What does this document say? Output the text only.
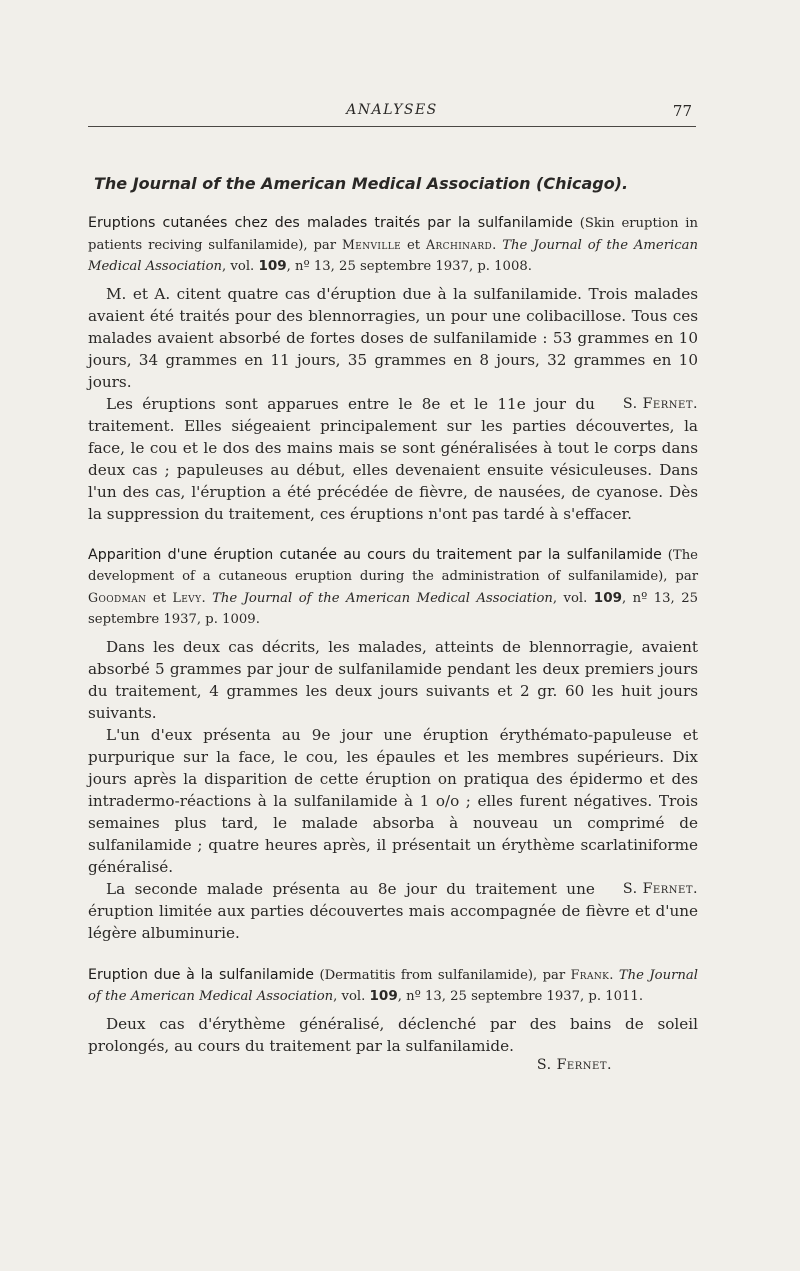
ANALYSES	77
The Journal of the American Medical Association (Chicago).

Eruptions cutanées chez des malades traités par la sulfanilamide (Skin eruption in patients reciving sulfanilamide), par Menville et Archinard. The Journal of the American Medical Association, vol. 109, nº 13, 25 septembre 1937, p. 1008.

M. et A. citent quatre cas d'éruption due à la sulfanilamide. Trois malades avaient été traités pour des blennorragies, un pour une colibacillose. Tous ces malades avaient absorbé de fortes doses de sulfanilamide : 53 grammes en 10 jours, 34 grammes en 11 jours, 35 grammes en 8 jours, 32 grammes en 10 jours.

S. Fernet.
Les éruptions sont apparues entre le 8e et le 11e jour du traitement. Elles siégeaient principalement sur les parties découvertes, la face, le cou et le dos des mains mais se sont généralisées à tout le corps dans deux cas ; papuleuses au début, elles devenaient ensuite vésiculeuses. Dans l'un des cas, l'éruption a été précédée de fièvre, de nausées, de cyanose. Dès la suppression du traitement, ces éruptions n'ont pas tardé à s'effacer.

Apparition d'une éruption cutanée au cours du traitement par la sulfanilamide (The development of a cutaneous eruption during the administration of sulfanilamide), par Goodman et Levy. The Journal of the American Medical Association, vol. 109, nº 13, 25 septembre 1937, p. 1009.

Dans les deux cas décrits, les malades, atteints de blennorragie, avaient absorbé 5 grammes par jour de sulfanilamide pendant les deux premiers jours du traitement, 4 grammes les deux jours suivants et 2 gr. 60 les huit jours suivants.

L'un d'eux présenta au 9e jour une éruption érythémato-papuleuse et purpurique sur la face, le cou, les épaules et les membres supérieurs. Dix jours après la disparition de cette éruption on pratiqua des épidermo et des intradermo-réactions à la sulfanilamide à 1 o/o ; elles furent négatives. Trois semaines plus tard, le malade absorba à nouveau un comprimé de sulfanilamide ; quatre heures après, il présentait un érythème scarlatiniforme généralisé.

S. Fernet.
La seconde malade présenta au 8e jour du traitement une éruption limitée aux parties découvertes mais accompagnée de fièvre et d'une légère albuminurie.

Eruption due à la sulfanilamide (Dermatitis from sulfanilamide), par Frank. The Journal of the American Medical Association, vol. 109, nº 13, 25 septembre 1937, p. 1011.

Deux cas d'érythème généralisé, déclenché par des bains de soleil prolongés, au cours du traitement par la sulfanilamide.

S. Fernet.
